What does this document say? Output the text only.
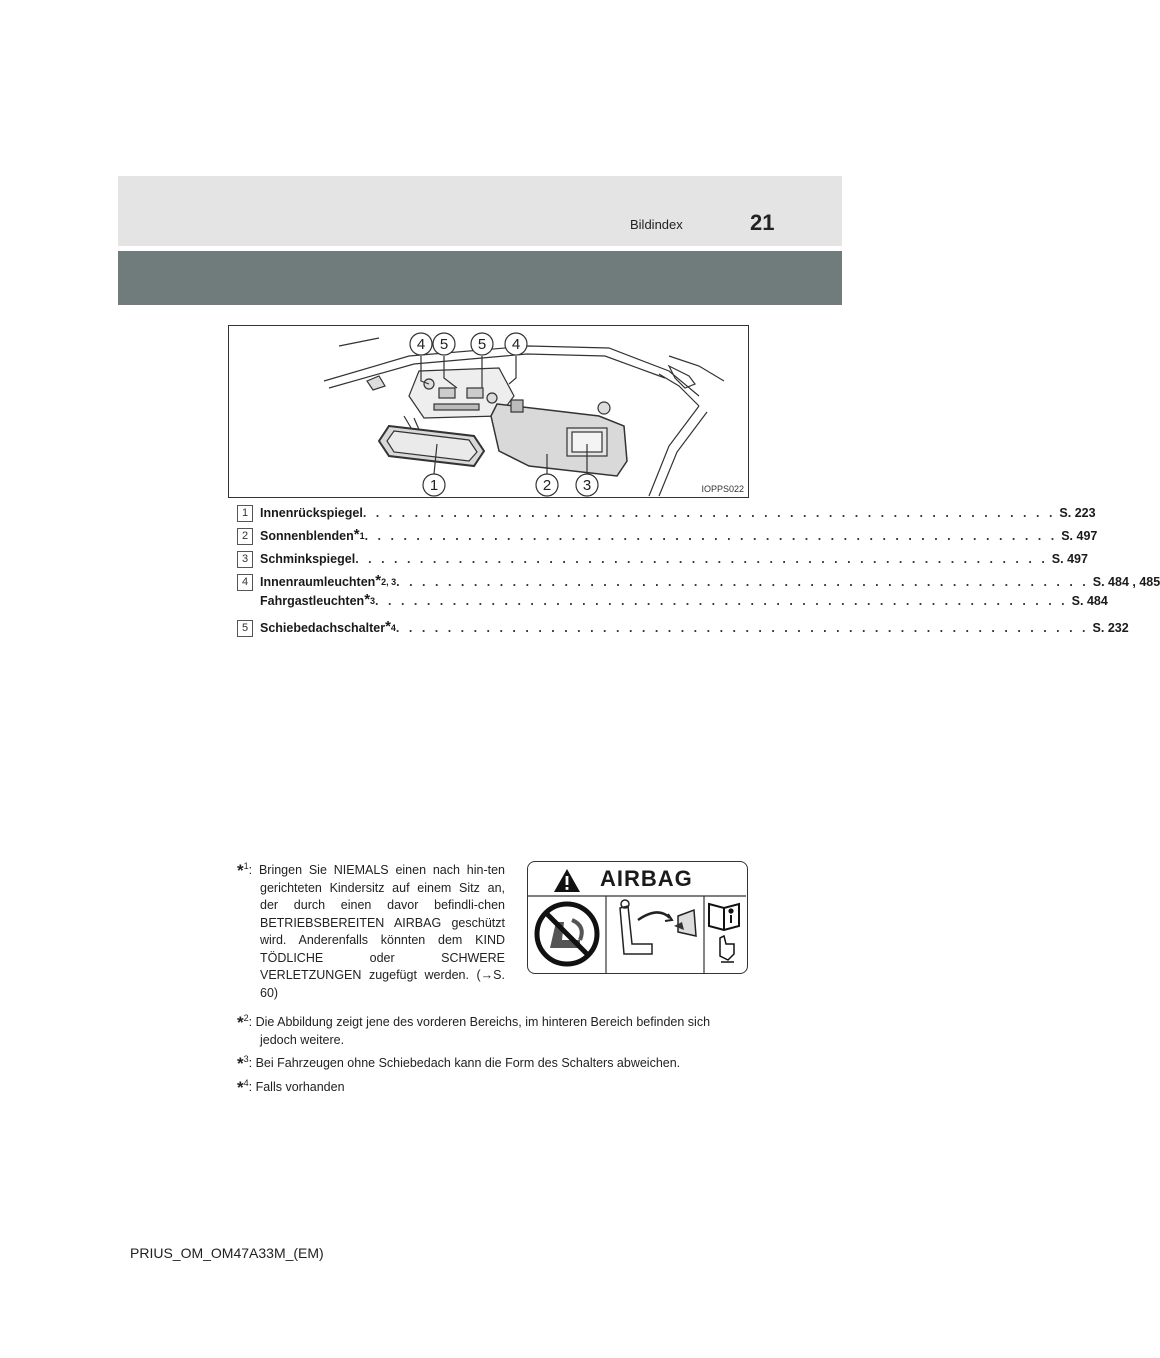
Bildindex	21
4 5 5 4
1	2 3	IOPPS022
1 Innenrückspiegel . . . . . . . . . . . . . . . . . . . . . . . . . . . . . . . . . . . . . . . . . . . . . . . . . . . . . . S. 223
2 Sonnenblenden$^{*1}$ . . . . . . . . . . . . . . . . . . . . . . . . . . . . . . . . . . . . . . . . . . . . . . . . . . . . . . S. 497
3 Schminkspiegel . . . . . . . . . . . . . . . . . . . . . . . . . . . . . . . . . . . . . . . . . . . . . . . . . . . . . . S. 497
4 Innenraumleuchten$^{*2, 3}$ . . . . . . . . . . . . . . . . . . . . . . . . . . . . . . . . . . . . . . . . . . . . . . . . . . . . . . S. 484 , 485
Fahrgastleuchten$^{*3}$ . . . . . . . . . . . . . . . . . . . . . . . . . . . . . . . . . . . . . . . . . . . . . . . . . . . . . . S. 484
5 Schiebedachschalter$^{*4}$ . . . . . . . . . . . . . . . . . . . . . . . . . . . . . . . . . . . . . . . . . . . . . . . . . . . . . . S. 232

*$^1$: Bringen Sie NIEMALS einen nach hin-ten gerichteten Kindersitz auf einem Sitz an, der durch einen davor befindli-chen BETRIEBSBEREITEN AIRBAG geschützt wird. Anderenfalls könnten dem KIND TÖDLICHE oder SCHWERE VERLETZUNGEN zugefügt werden. (→S. 60)

*$^2$: Die Abbildung zeigt jene des vorderen Bereichs, im hinteren Bereich befinden sich jedoch weitere.

*$^3$: Bei Fahrzeugen ohne Schiebedach kann die Form des Schalters abweichen.

*$^4$: Falls vorhanden

AIRBAG
PRIUS_OM_OM47A33M_(EM)
